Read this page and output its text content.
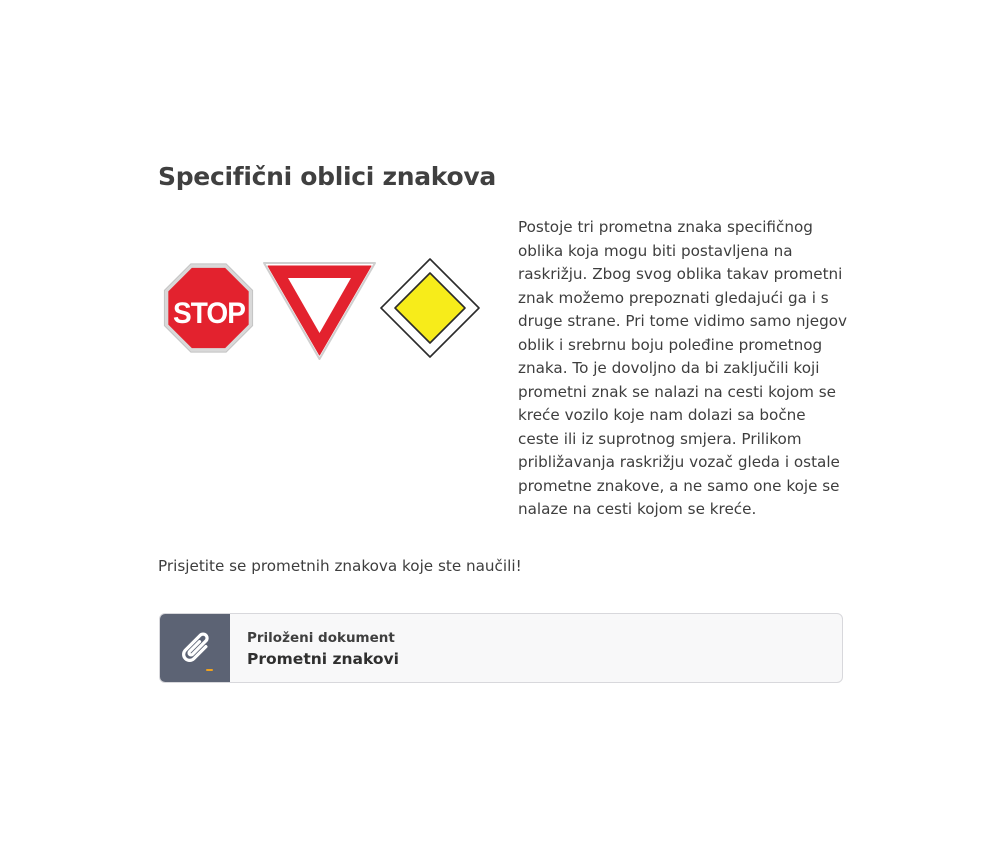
Specifični oblici znakova
STOP

Postoje tri prometna znaka specifičnog oblika koja mogu biti postavljena na raskrižju. Zbog svog oblika takav prometni znak možemo prepoznati gledajući ga i s druge strane. Pri tome vidimo samo njegov oblik i srebrnu boju poleđine prometnog znaka. To je dovoljno da bi zaključili koji prometni znak se nalazi na cesti kojom se kreće vozilo koje nam dolazi sa bočne ceste ili iz suprotnog smjera. Prilikom približavanja raskrižju vozač gleda i ostale prometne znakove, a ne samo one koje se nalaze na cesti kojom se kreće.

Prisjetite se prometnih znakova koje ste naučili!

Priloženi dokument
Prometni znakovi
